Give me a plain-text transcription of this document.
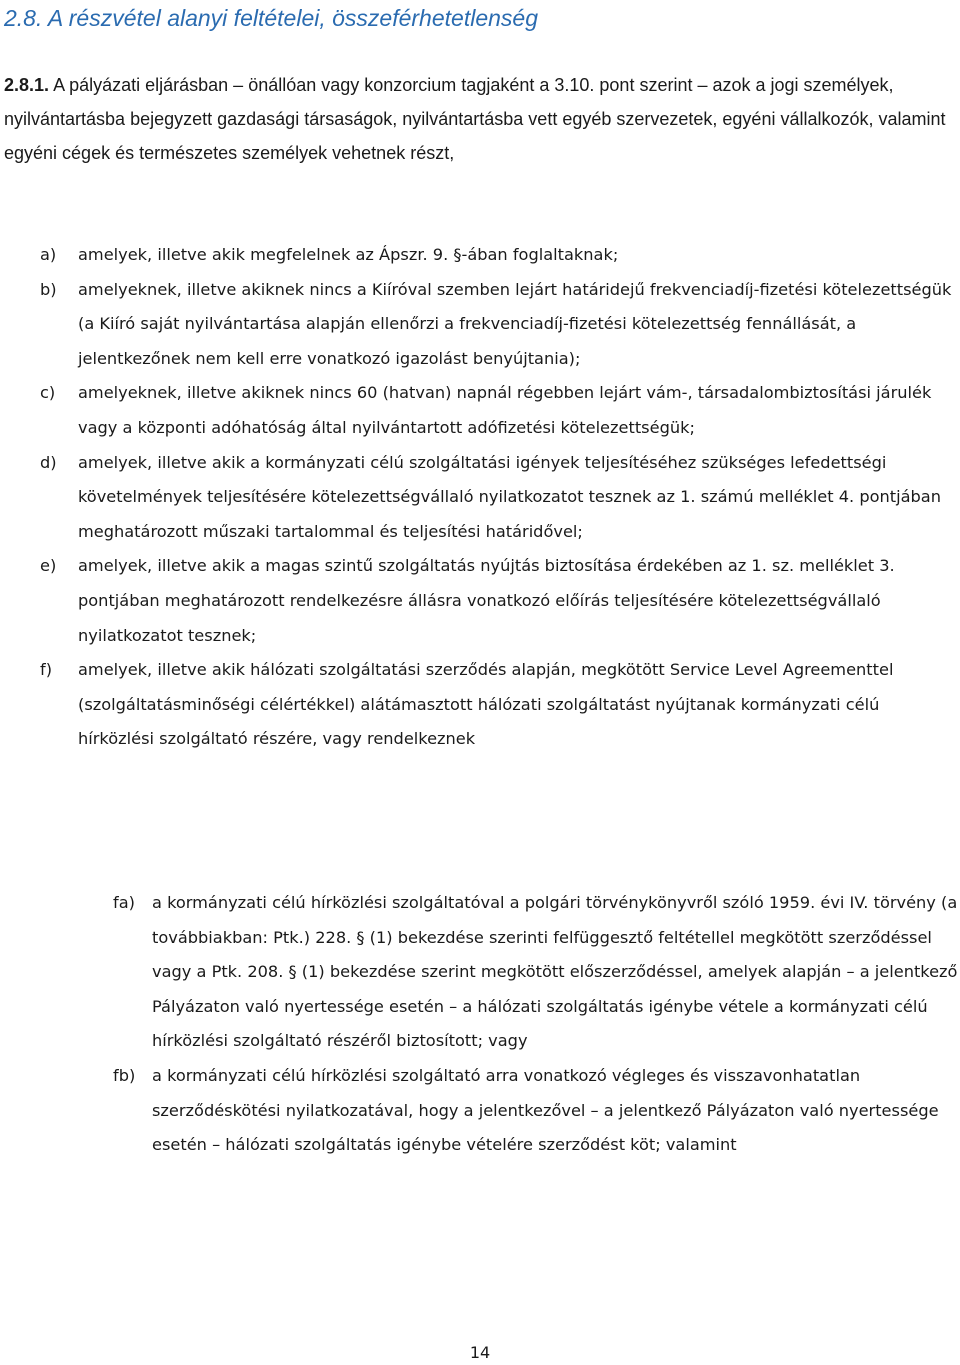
2.8. A részvétel alanyi feltételei, összeférhetetlenség

2.8.1. A pályázati eljárásban – önállóan vagy konzorcium tagjaként a 3.10. pont szerint – azok a jogi személyek, nyilvántartásba bejegyzett gazdasági társaságok, nyilvántartásba vett egyéb szervezetek, egyéni vállalkozók, valamint egyéni cégek és természetes személyek vehetnek részt,

a) amelyek, illetve akik megfelelnek az Ápszr. 9. §-ában foglaltaknak;
b) amelyeknek, illetve akiknek nincs a Kiíróval szemben lejárt határidejű frekvenciadíj-fizetési kötelezettségük (a Kiíró saját nyilvántartása alapján ellenőrzi a frekvenciadíj-fizetési kötelezettség fennállását, a jelentkezőnek nem kell erre vonatkozó igazolást benyújtania);
c) amelyeknek, illetve akiknek nincs 60 (hatvan) napnál régebben lejárt vám-, társadalombiztosítási járulék vagy a központi adóhatóság által nyilvántartott adófizetési kötelezettségük;
d) amelyek, illetve akik a kormányzati célú szolgáltatási igények teljesítéséhez szükséges lefedettségi követelmények teljesítésére kötelezettségvállaló nyilatkozatot tesznek az 1. számú melléklet 4. pontjában meghatározott műszaki tartalommal és teljesítési határidővel;
e) amelyek, illetve akik a magas szintű szolgáltatás nyújtás biztosítása érdekében az 1. sz. melléklet 3. pontjában meghatározott rendelkezésre állásra vonatkozó előírás teljesítésére kötelezettségvállaló nyilatkozatot tesznek;
f) amelyek, illetve akik hálózati szolgáltatási szerződés alapján, megkötött Service Level Agreementtel (szolgáltatásminőségi célértékkel) alátámasztott hálózati szolgáltatást nyújtanak kormányzati célú hírközlési szolgáltató részére, vagy rendelkeznek
fa) a kormányzati célú hírközlési szolgáltatóval a polgári törvénykönyvről szóló 1959. évi IV. törvény (a továbbiakban: Ptk.) 228. § (1) bekezdése szerinti felfüggesztő feltétellel megkötött szerződéssel vagy a Ptk. 208. § (1) bekezdése szerint megkötött előszerződéssel, amelyek alapján – a jelentkező Pályázaton való nyertessége esetén – a hálózati szolgáltatás igénybe vétele a kormányzati célú hírközlési szolgáltató részéről biztosított; vagy
fb) a kormányzati célú hírközlési szolgáltató arra vonatkozó végleges és visszavonhatatlan szerződéskötési nyilatkozatával, hogy a jelentkezővel – a jelentkező Pályázaton való nyertessége esetén – hálózati szolgáltatás igénybe vételére szerződést köt; valamint

14
